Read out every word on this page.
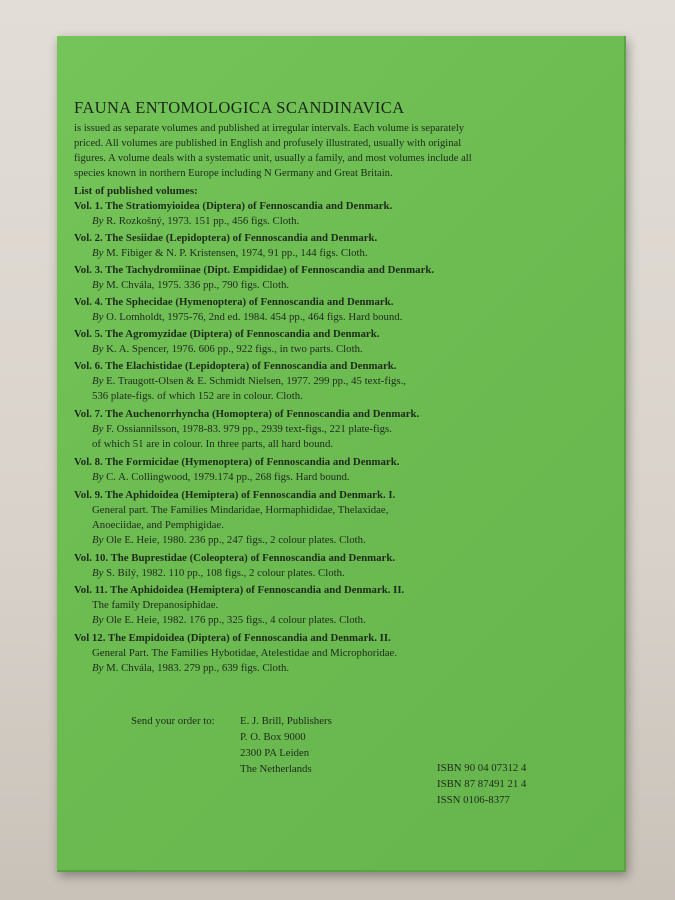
FAUNA ENTOMOLOGICA SCANDINAVICA
is issued as separate volumes and published at irregular intervals. Each volume is separately
priced. All volumes are published in English and profusely illustrated, usually with original
figures. A volume deals with a systematic unit, usually a family, and most volumes include all
species known in northern Europe including N Germany and Great Britain.
List of published volumes:
Vol. 1. The Stratiomyioidea (Diptera) of Fennoscandia and Denmark.
By R. Rozkošný, 1973. 151 pp., 456 figs. Cloth.
Vol. 2. The Sesiidae (Lepidoptera) of Fennoscandia and Denmark.
By M. Fibiger & N. P. Kristensen, 1974, 91 pp., 144 figs. Cloth.
Vol. 3. The Tachydromiinae (Dipt. Empididae) of Fennoscandia and Denmark.
By M. Chvála, 1975. 336 pp., 790 figs. Cloth.
Vol. 4. The Sphecidae (Hymenoptera) of Fennoscandia and Denmark.
By O. Lomholdt, 1975-76, 2nd ed. 1984. 454 pp., 464 figs. Hard bound.
Vol. 5. The Agromyzidae (Diptera) of Fennoscandia and Denmark.
By K. A. Spencer, 1976. 606 pp., 922 figs., in two parts. Cloth.
Vol. 6. The Elachistidae (Lepidoptera) of Fennoscandia and Denmark.
By E. Traugott-Olsen & E. Schmidt Nielsen, 1977. 299 pp., 45 text-figs.,
536 plate-figs. of which 152 are in colour. Cloth.
Vol. 7. The Auchenorrhyncha (Homoptera) of Fennoscandia and Denmark.
By F. Ossiannilsson, 1978-83. 979 pp., 2939 text-figs., 221 plate-figs.
of which 51 are in colour. In three parts, all hard bound.
Vol. 8. The Formicidae (Hymenoptera) of Fennoscandia and Denmark.
By C. A. Collingwood, 1979.174 pp., 268 figs. Hard bound.
Vol. 9. The Aphidoidea (Hemiptera) of Fennoscandia and Denmark. I.
General part. The Families Mindaridae, Hormaphididae, Thelaxidae,
Anoeciidae, and Pemphigidae.
By Ole E. Heie, 1980. 236 pp., 247 figs., 2 colour plates. Cloth.
Vol. 10. The Buprestidae (Coleoptera) of Fennoscandia and Denmark.
By S. Bílý, 1982. 110 pp., 108 figs., 2 colour plates. Cloth.
Vol. 11. The Aphidoidea (Hemiptera) of Fennoscandia and Denmark. II.
The family Drepanosiphidae.
By Ole E. Heie, 1982. 176 pp., 325 figs., 4 colour plates. Cloth.
Vol 12. The Empidoidea (Diptera) of Fennoscandia and Denmark. II.
General Part. The Families Hybotidae, Atelestidae and Microphoridae.
By M. Chvála, 1983. 279 pp., 639 figs. Cloth.
Send your order to: E. J. Brill, Publishers
P. O. Box 9000
2300 PA Leiden
The Netherlands	ISBN 90 04 07312 4
ISBN 87 87491 21 4
ISSN 0106-8377
